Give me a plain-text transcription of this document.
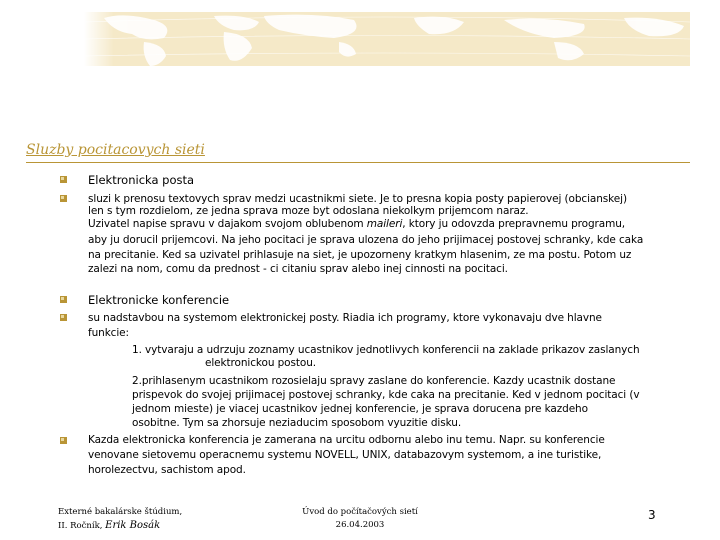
Sluzby pocitacovych sieti
Elektronicka posta
sluzi k prenosu textovych sprav medzi ucastnikmi siete. Je to presna kopia posty papierovej (obcianskej)
len s tym rozdielom, ze jedna sprava moze byt odoslana niekolkym prijemcom naraz.
Uzivatel napise spravu v dajakom svojom oblubenom maileri, ktory ju odovzda prepravnemu programu,
aby ju dorucil prijemcovi. Na jeho pocitaci je sprava ulozena do jeho prijimacej postovej schranky, kde caka
na precitanie. Ked sa uzivatel prihlasuje na siet, je upozorneny kratkym hlasenim, ze ma postu. Potom uz
zalezi na nom, comu da prednost - ci citaniu sprav alebo inej cinnosti na pocitaci.
Elektronicke konferencie
su nadstavbou na systemom elektronickej posty. Riadia ich programy, ktore vykonavaju dve hlavne
funkcie:
1. vytvaraju a udrzuju zoznamy ucastnikov jednotlivych konferencii na zaklade prikazov zaslanych
elektronickou postou.
2.prihlasenym ucastnikom rozosielaju spravy zaslane do konferencie. Kazdy ucastnik dostane
prispevok do svojej prijimacej postovej schranky, kde caka na precitanie. Ked v jednom pocitaci (v
jednom mieste) je viacej ucastnikov jednej konferencie, je sprava dorucena pre kazdeho
osobitne. Tym sa zhorsuje neziaducim sposobom vyuzitie disku.
Kazda elektronicka konferencia je zamerana na urcitu odbornu alebo inu temu. Napr. su konferencie
venovane sietovemu operacnemu systemu NOVELL, UNIX, databazovym systemom, a ine turistike,
horolezectvu, sachistom apod.
Externé bakalárske štúdium,
II. Ročník, Erik Bosák
Úvod do počítačových sietí
26.04.2003
3
